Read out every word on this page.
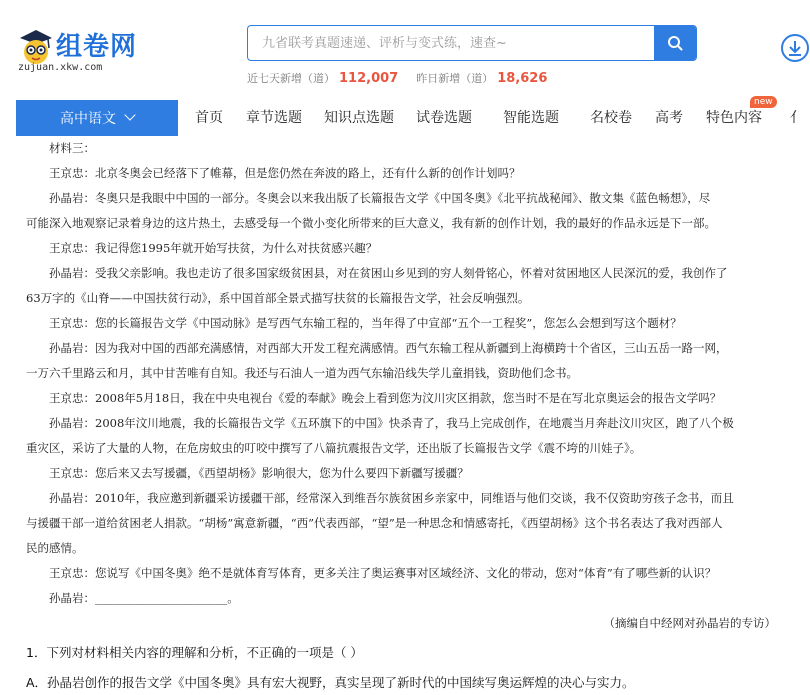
组卷网
zujuan.xkw.com
九省联考真题速递、评析与变式练，速查~
近七天新增（道） 112,007 昨日新增（道） 18,626
高中语文	首页 章节选题 知识点选题 试卷选题 智能选题 名校卷 高考 特色内容 亻
new
材料三：
王京忠：北京冬奥会已经落下了帷幕，但是您仍然在奔波的路上，还有什么新的创作计划吗？
孙晶岩：冬奥只是我眼中中国的一部分。冬奥会以来我出版了长篇报告文学《中国冬奥》《北平抗战秘闻》、散文集《蓝色畅想》，尽
可能深入地观察记录着身边的这片热土，去感受每一个微小变化所带来的巨大意义，我有新的创作计划，我的最好的作品永远是下一部。
王京忠：我记得您1995年就开始写扶贫，为什么对扶贫感兴趣？
孙晶岩：受我父亲影响。我也走访了很多国家级贫困县，对在贫困山乡见到的穷人刻骨铭心，怀着对贫困地区人民深沉的爱，我创作了
63万字的《山脊——中国扶贫行动》，系中国首部全景式描写扶贫的长篇报告文学，社会反响强烈。
王京忠：您的长篇报告文学《中国动脉》是写西气东输工程的，当年得了中宣部“五个一工程奖”，您怎么会想到写这个题材？
孙晶岩：因为我对中国的西部充满感情，对西部大开发工程充满感情。西气东输工程从新疆到上海横跨十个省区，三山五岳一路一网，
一万六千里路云和月，其中甘苦唯有自知。我还与石油人一道为西气东输沿线失学儿童捐钱，资助他们念书。
王京忠：2008年5月18日，我在中央电视台《爱的奉献》晚会上看到您为汶川灾区捐款，您当时不是在写北京奥运会的报告文学吗？
孙晶岩：2008年汶川地震，我的长篇报告文学《五环旗下的中国》快杀青了，我马上完成创作，在地震当月奔赴汶川灾区，跑了八个极
重灾区，采访了大量的人物，在危房蚊虫的叮咬中撰写了八篇抗震报告文学，还出版了长篇报告文学《震不垮的川娃子》。
王京忠：您后来又去写援疆，《西望胡杨》影响很大，您为什么要四下新疆写援疆？
孙晶岩：2010年，我应邀到新疆采访援疆干部，经常深入到维吾尔族贫困乡亲家中，同维语与他们交谈，我不仅资助穷孩子念书，而且
与援疆干部一道给贫困老人捐款。“胡杨”寓意新疆，“西”代表西部，“望”是一种思念和情感寄托，《西望胡杨》这个书名表达了我对西部人
民的感情。
王京忠：您说写《中国冬奥》绝不是就体育写体育，更多关注了奥运赛事对区域经济、文化的带动，您对“体育”有了哪些新的认识？
孙晶岩：_______________________。
（摘编自中经网对孙晶岩的专访）
1．下列对材料相关内容的理解和分析，不正确的一项是（ ）
A．孙晶岩创作的报告文学《中国冬奥》具有宏大视野，真实呈现了新时代的中国续写奥运辉煌的决心与实力。
